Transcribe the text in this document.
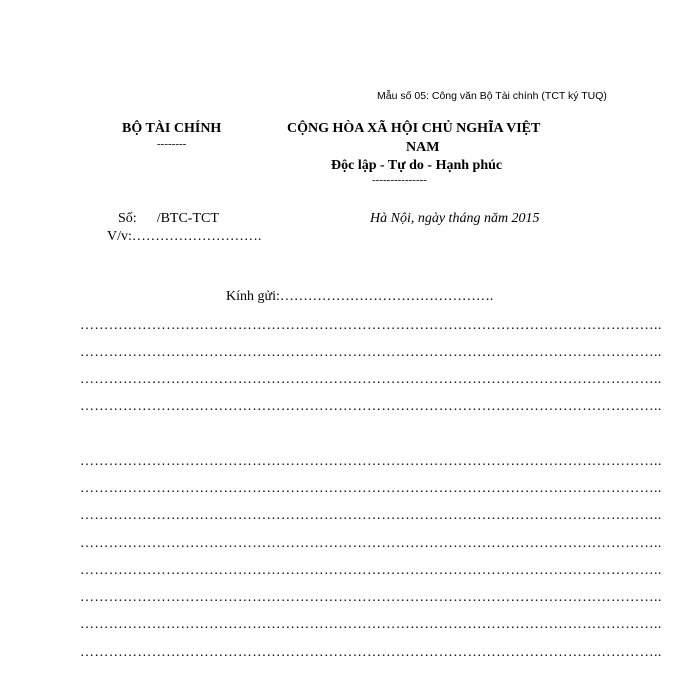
Mẫu số 05: Công văn Bộ Tài chính (TCT ký TUQ)
BỘ TÀI CHÍNH
--------
CỘNG HÒA XÃ HỘI CHỦ NGHĨA VIỆT
NAM
Độc lập - Tự do - Hạnh phúc
---------------
Số: /BTC-TCT
V/v:……………………….
Hà Nội, ngày tháng năm 2015
Kính gửi:……………………………………….
…………………………………………………………………………………………………………..
…………………………………………………………………………………………………………..
…………………………………………………………………………………………………………..
…………………………………………………………………………………………………………..
…………………………………………………………………………………………………………..
…………………………………………………………………………………………………………..
…………………………………………………………………………………………………………..
…………………………………………………………………………………………………………..
…………………………………………………………………………………………………………..
…………………………………………………………………………………………………………..
…………………………………………………………………………………………………………..
…………………………………………………………………………………………………………..
